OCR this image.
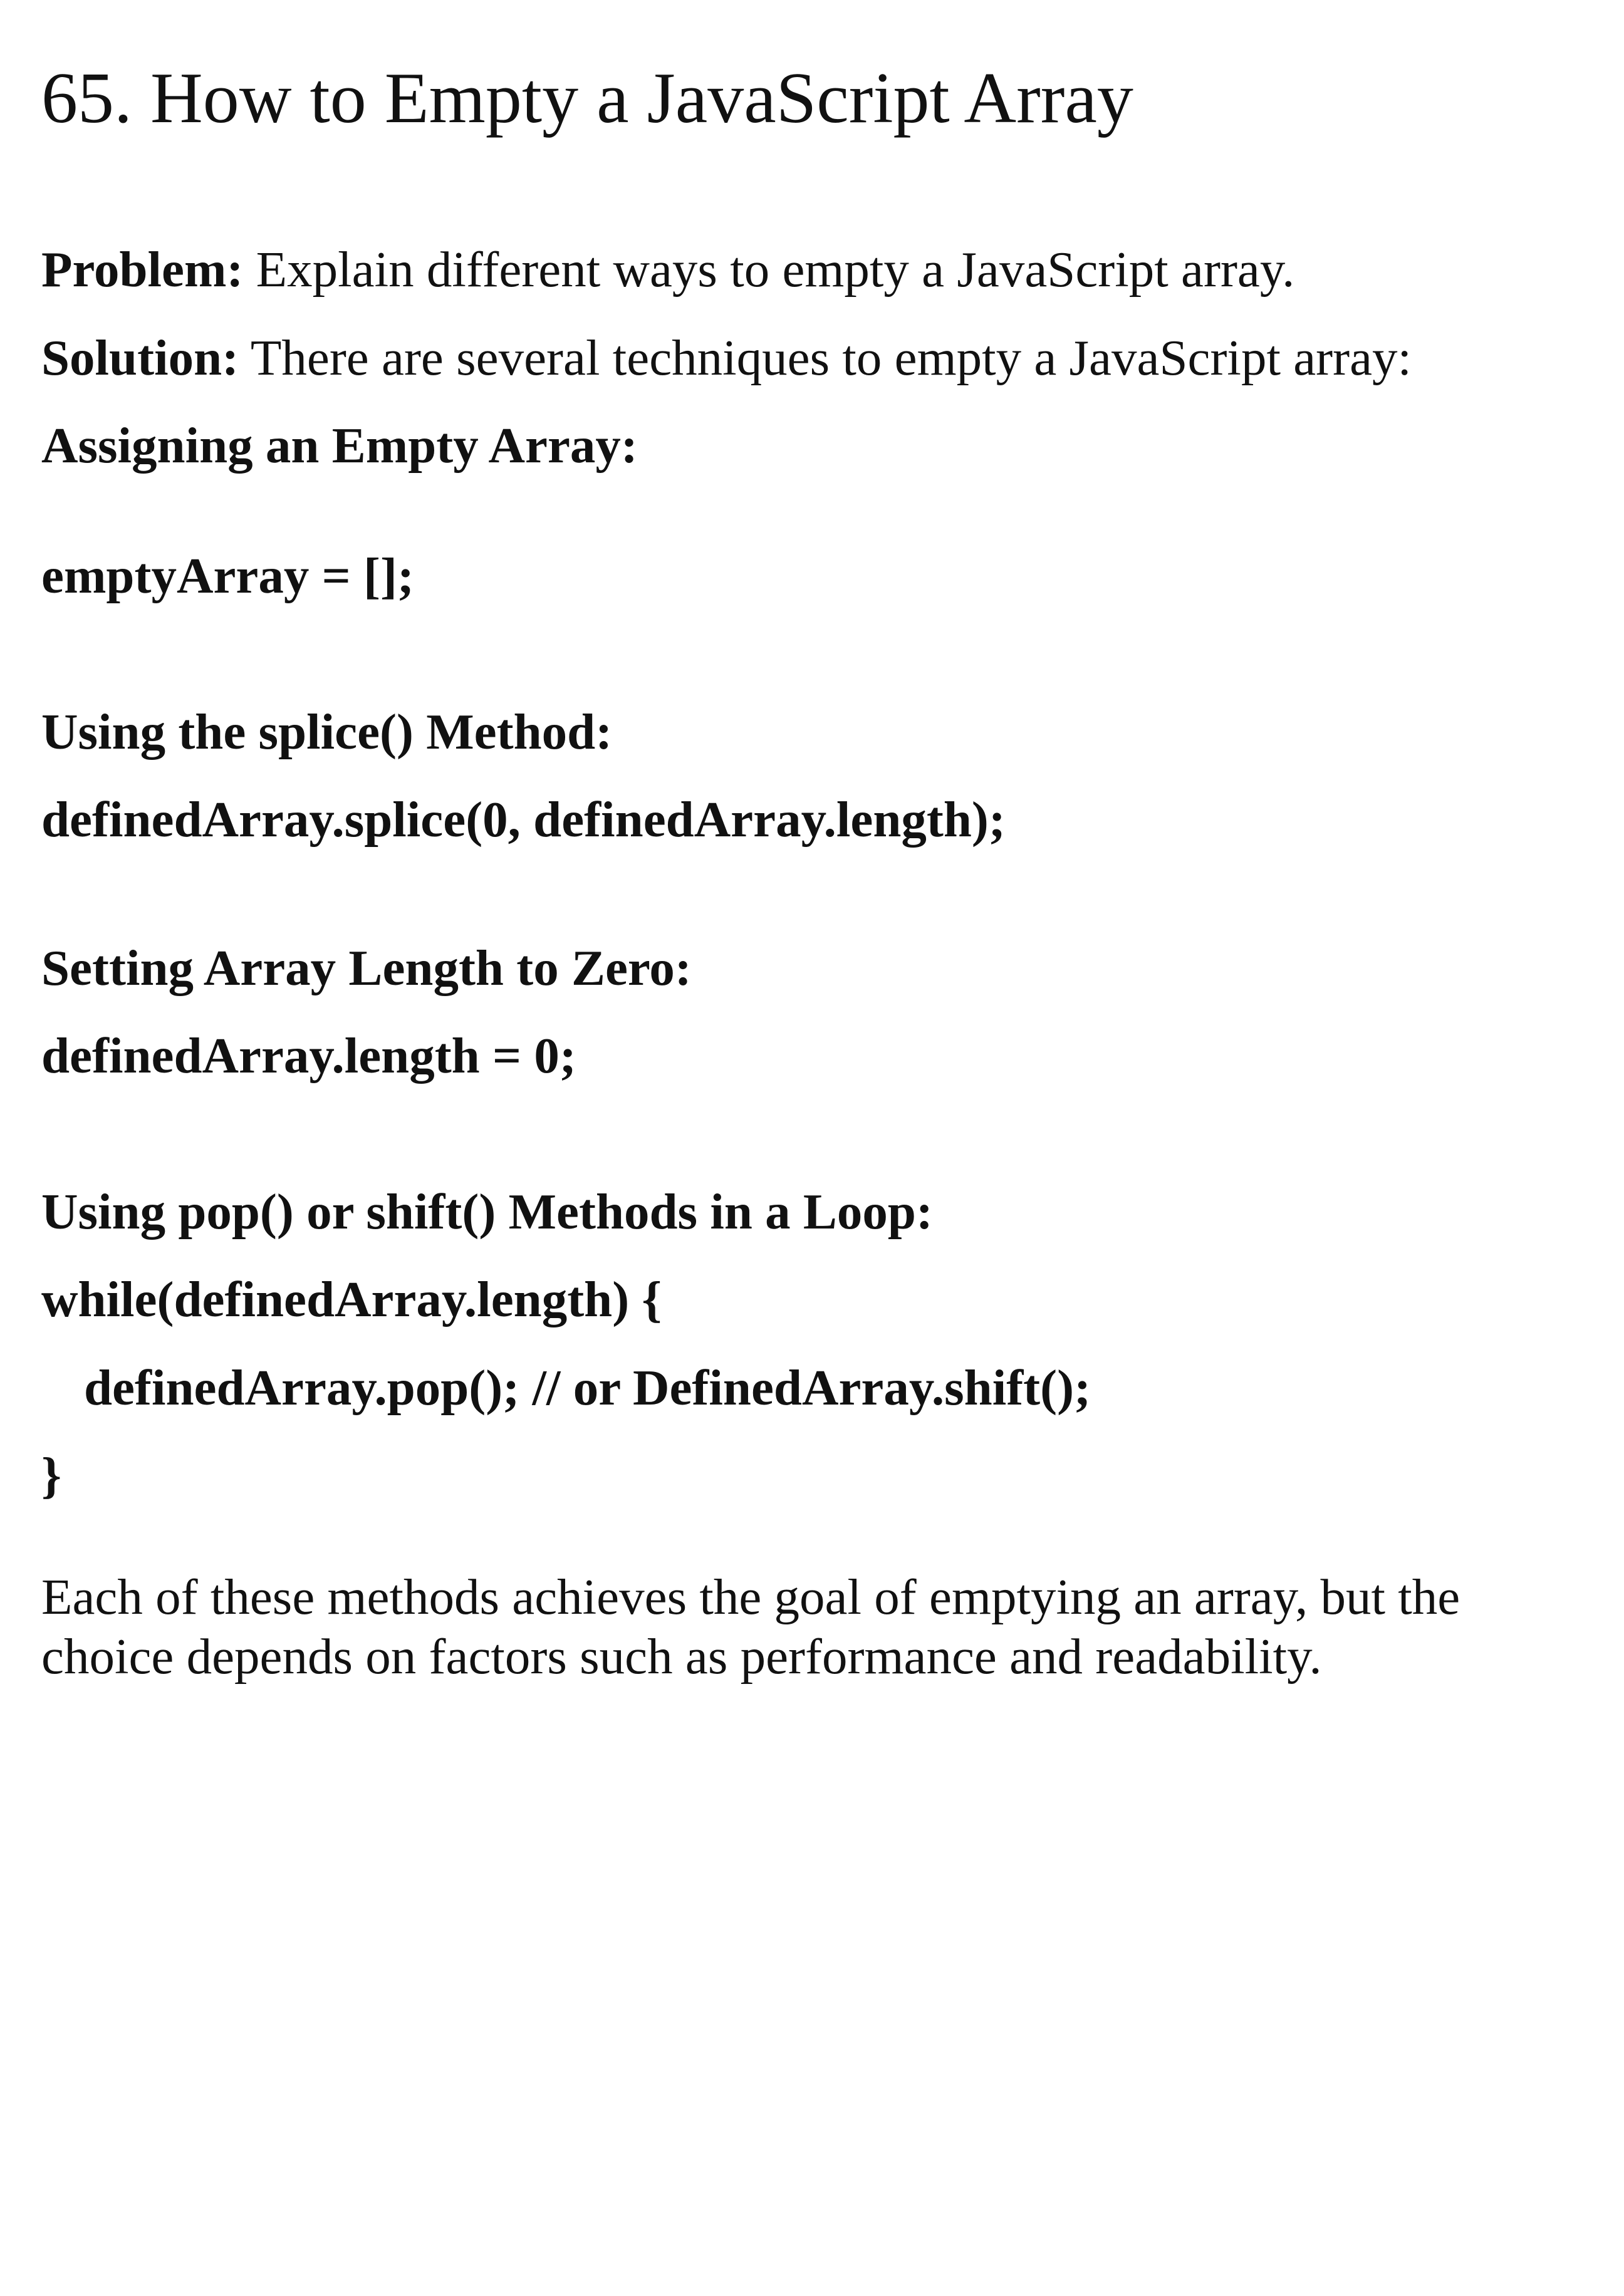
65. How to Empty a JavaScript Array

Problem: Explain different ways to empty a JavaScript array.

Solution: There are several techniques to empty a JavaScript array:

Assigning an Empty Array:

emptyArray = [];

Using the splice() Method:

definedArray.splice(0, definedArray.length);

Setting Array Length to Zero:

definedArray.length = 0;

Using pop() or shift() Methods in a Loop:

while(definedArray.length) {

definedArray.pop(); // or DefinedArray.shift();

}

Each of these methods achieves the goal of emptying an array, but the choice depends on factors such as performance and readability.
